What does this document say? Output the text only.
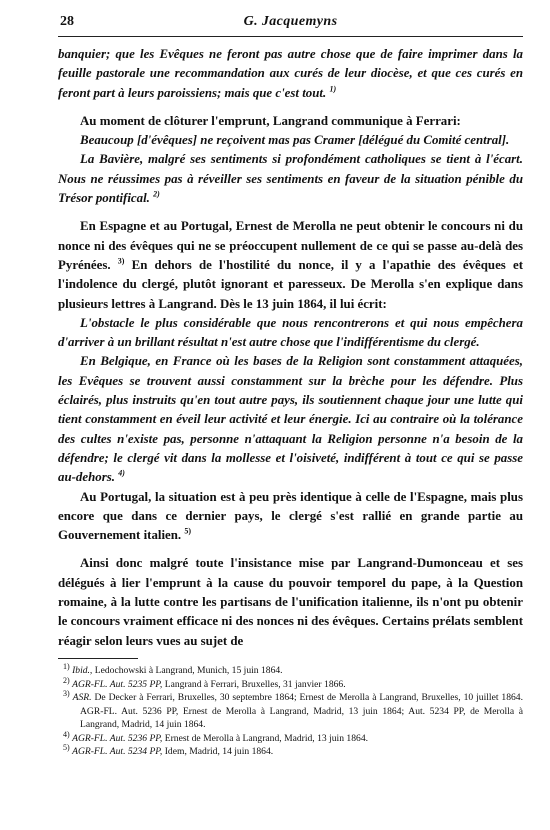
28	G. Jacquemyns

banquier; que les Evêques ne feront pas autre chose que de faire imprimer dans la feuille pastorale une recommandation aux curés de leur diocèse, et que ces curés en feront part à leurs paroissiens; mais que c'est tout. $^{1)}$

Au moment de clôturer l'emprunt, Langrand communique à Ferrari:

Beaucoup [d'évêques] ne reçoivent mas pas Cramer [délégué du Comité central].

La Bavière, malgré ses sentiments si profondément catholiques se tient à l'écart. Nous ne réussimes pas à réveiller ses sentiments en faveur de la situation pénible du Trésor pontifical. $^{2)}$

En Espagne et au Portugal, Ernest de Merolla ne peut obtenir le concours ni du nonce ni des évêques qui ne se préoccupent nullement de ce qui se passe au-delà des Pyrénées. $^{3)}$ En dehors de l'hostilité du nonce, il y a l'apathie des évêques et l'indolence du clergé, plutôt ignorant et paresseux. De Merolla s'en explique dans plusieurs lettres à Langrand. Dès le 13 juin 1864, il lui écrit:

L'obstacle le plus considérable que nous rencontrerons et qui nous empêchera d'arriver à un brillant résultat n'est autre chose que l'indifférentisme du clergé.

En Belgique, en France où les bases de la Religion sont constamment attaquées, les Evêques se trouvent aussi constamment sur la brèche pour les défendre. Plus éclairés, plus instruits qu'en tout autre pays, ils soutiennent chaque jour une lutte qui tient constamment en éveil leur activité et leur énergie. Ici au contraire où la tolérance des cultes n'existe pas, personne n'attaquant la Religion personne n'a besoin de la défendre; le clergé vit dans la mollesse et l'oisiveté, indifférent à tout ce qui se passe au-dehors. $^{4)}$

Au Portugal, la situation est à peu près identique à celle de l'Espagne, mais plus encore que dans ce dernier pays, le clergé s'est rallié en grande partie au Gouvernement italien. $^{5)}$

Ainsi donc malgré toute l'insistance mise par Langrand-Dumonceau et ses délégués à lier l'emprunt à la cause du pouvoir temporel du pape, à la Question romaine, à la lutte contre les partisans de l'unification italienne, ils n'ont pu obtenir le concours vraiment efficace ni des nonces ni des évêques. Certains prélats semblent réagir selon leurs vues au sujet de

$^{1)}$ Ibid., Ledochowski à Langrand, Munich, 15 juin 1864.

$^{2)}$ AGR-FL. Aut. 5235 PP, Langrand à Ferrari, Bruxelles, 31 janvier 1866.

$^{3)}$ ASR. De Decker à Ferrari, Bruxelles, 30 septembre 1864; Ernest de Merolla à Langrand, Bruxelles, 10 juillet 1864. AGR-FL. Aut. 5236 PP, Ernest de Merolla à Langrand, Madrid, 13 juin 1864; Aut. 5234 PP, de Merolla à Langrand, Madrid, 14 juin 1864.

$^{4)}$ AGR-FL. Aut. 5236 PP, Ernest de Merolla à Langrand, Madrid, 13 juin 1864.

$^{5)}$ AGR-FL. Aut. 5234 PP, Idem, Madrid, 14 juin 1864.
